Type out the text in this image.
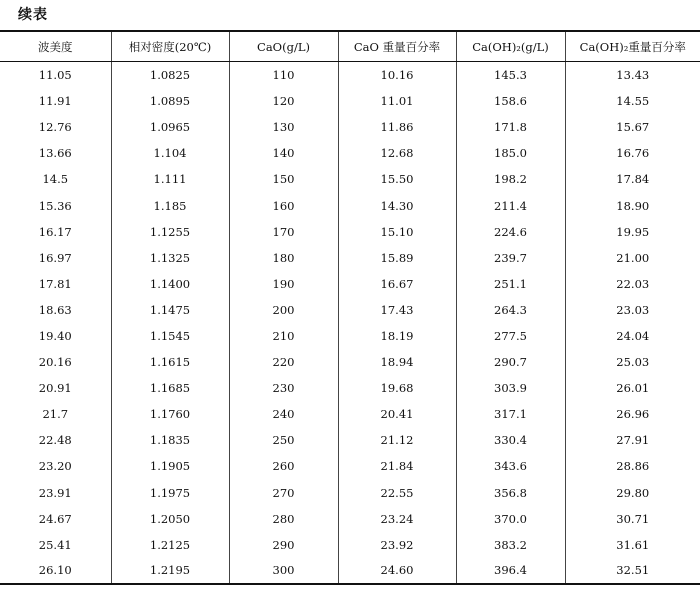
续表
波美度	相对密度(20℃)	CaO(g/L)	CaO 重量百分率	Ca(OH)₂(g/L)	Ca(OH)₂重量百分率
11.05	1.0825	110	10.16	145.3	13.43
11.91	1.0895	120	11.01	158.6	14.55
12.76	1.0965	130	11.86	171.8	15.67
13.66	1.104	140	12.68	185.0	16.76
14.5	1.111	150	15.50	198.2	17.84
15.36	1.185	160	14.30	211.4	18.90
16.17	1.1255	170	15.10	224.6	19.95
16.97	1.1325	180	15.89	239.7	21.00
17.81	1.1400	190	16.67	251.1	22.03
18.63	1.1475	200	17.43	264.3	23.03
19.40	1.1545	210	18.19	277.5	24.04
20.16	1.1615	220	18.94	290.7	25.03
20.91	1.1685	230	19.68	303.9	26.01
21.7	1.1760	240	20.41	317.1	26.96
22.48	1.1835	250	21.12	330.4	27.91
23.20	1.1905	260	21.84	343.6	28.86
23.91	1.1975	270	22.55	356.8	29.80
24.67	1.2050	280	23.24	370.0	30.71
25.41	1.2125	290	23.92	383.2	31.61
26.10	1.2195	300	24.60	396.4	32.51
